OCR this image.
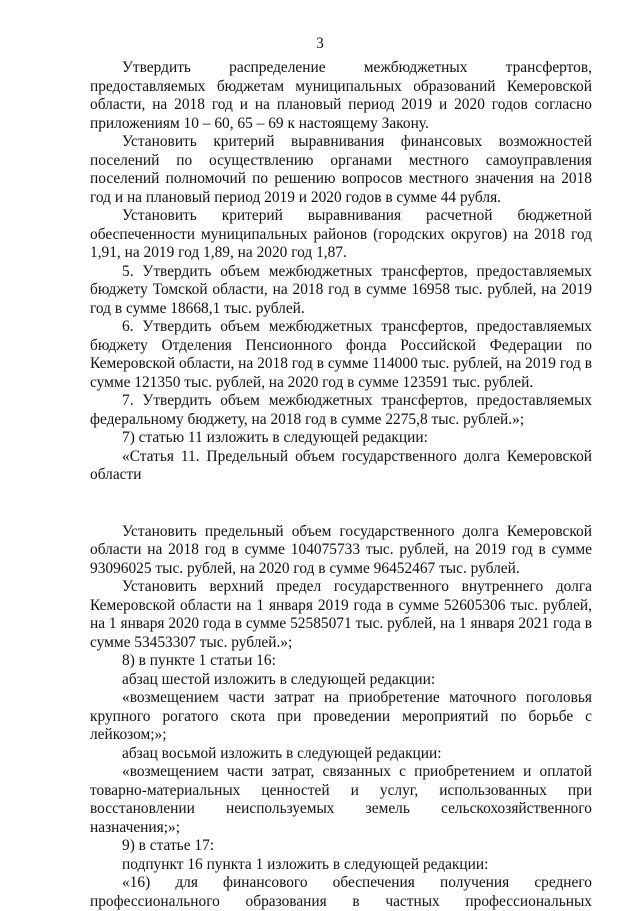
3

Утвердить распределение межбюджетных трансфертов, предоставляемых бюджетам муниципальных образований Кемеровской области, на 2018 год и на плановый период 2019 и 2020 годов согласно приложениям 10 – 60, 65 – 69 к настоящему Закону.

Установить критерий выравнивания финансовых возможностей поселений по осуществлению органами местного самоуправления поселений полномочий по решению вопросов местного значения на 2018 год и на плановый период 2019 и 2020 годов в сумме 44 рубля.

Установить критерий выравнивания расчетной бюджетной обеспеченности муниципальных районов (городских округов) на 2018 год 1,91, на 2019 год 1,89, на 2020 год 1,87.

5. Утвердить объем межбюджетных трансфертов, предоставляемых бюджету Томской области, на 2018 год в сумме 16958 тыс. рублей, на 2019 год в сумме 18668,1 тыс. рублей.

6. Утвердить объем межбюджетных трансфертов, предоставляемых бюджету Отделения Пенсионного фонда Российской Федерации по Кемеровской области, на 2018 год в сумме 114000 тыс. рублей, на 2019 год в сумме 121350 тыс. рублей, на 2020 год в сумме 123591 тыс. рублей.

7. Утвердить объем межбюджетных трансфертов, предоставляемых федеральному бюджету, на 2018 год в сумме 2275,8 тыс. рублей.»;

7) статью 11 изложить в следующей редакции:

«Статья 11. Предельный объем государственного долга Кемеровской области

Установить предельный объем государственного долга Кемеровской области на 2018 год в сумме 104075733 тыс. рублей, на 2019 год в сумме 93096025 тыс. рублей, на 2020 год в сумме 96452467 тыс. рублей.

Установить верхний предел государственного внутреннего долга Кемеровской области на 1 января 2019 года в сумме 52605306 тыс. рублей, на 1 января 2020 года в сумме 52585071 тыс. рублей, на 1 января 2021 года в сумме 53453307 тыс. рублей.»;

8) в пункте 1 статьи 16:

абзац шестой изложить в следующей редакции:

«возмещением части затрат на приобретение маточного поголовья крупного рогатого скота при проведении мероприятий по борьбе с лейкозом;»;

абзац восьмой изложить в следующей редакции:

«возмещением части затрат, связанных с приобретением и оплатой товарно-материальных ценностей и услуг, использованных при восстановлении неиспользуемых земель сельскохозяйственного назначения;»;

9) в статье 17:

подпункт 16 пункта 1 изложить в следующей редакции:

«16) для финансового обеспечения получения среднего профессионального образования в частных профессиональных
